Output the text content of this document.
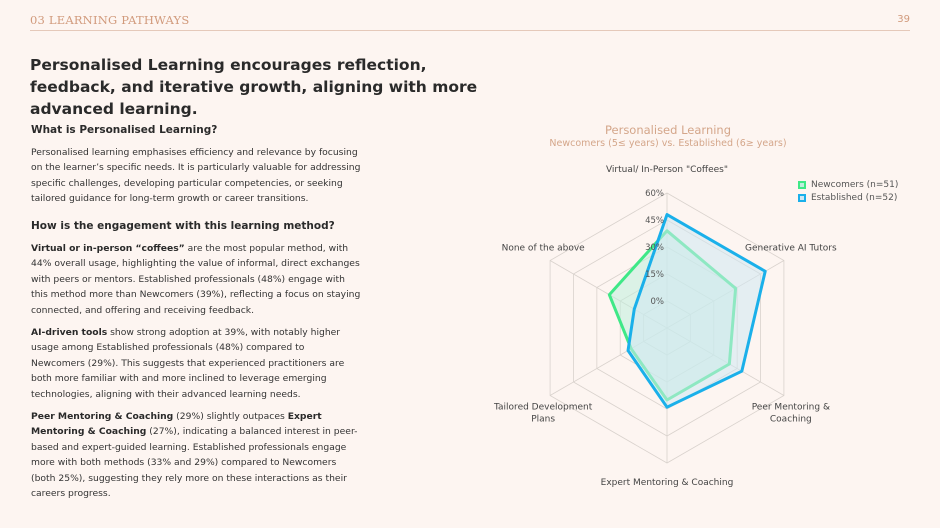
03 LEARNING PATHWAYS	39
Personalised Learning encourages reflection, feedback, and iterative growth, aligning with more advanced learning.
What is Personalised Learning?

Personalised learning emphasises efficiency and relevance by focusing on the learner’s specific needs. It is particularly valuable for addressing specific challenges, developing particular competencies, or seeking tailored guidance for long-term growth or career transitions.

How is the engagement with this learning method?

Virtual or in-person “coffees” are the most popular method, with 44% overall usage, highlighting the value of informal, direct exchanges with peers or mentors. Established professionals (48%) engage with this method more than Newcomers (39%), reflecting a focus on staying connected, and offering and receiving feedback.

AI-driven tools show strong adoption at 39%, with notably higher usage among Established professionals (48%) compared to Newcomers (29%). This suggests that experienced practitioners are both more familiar with and more inclined to leverage emerging technologies, aligning with their advanced learning needs.

Peer Mentoring & Coaching (29%) slightly outpaces Expert Mentoring & Coaching (27%), indicating a balanced interest in peer-based and expert-guided learning. Established professionals engage more with both methods (33% and 29%) compared to Newcomers (both 25%), suggesting they rely more on these interactions as their careers progress.

Personalised Learning
Newcomers (5≤ years) vs. Established (6≥ years)
0%
15%
30%
45%
60%
Virtual/ In-Person "Coffees"
Generative AI Tutors
Peer Mentoring & Coaching
Expert Mentoring & Coaching
Tailored Development Plans
None of the above
Newcomers (n=51)
Established (n=52)
